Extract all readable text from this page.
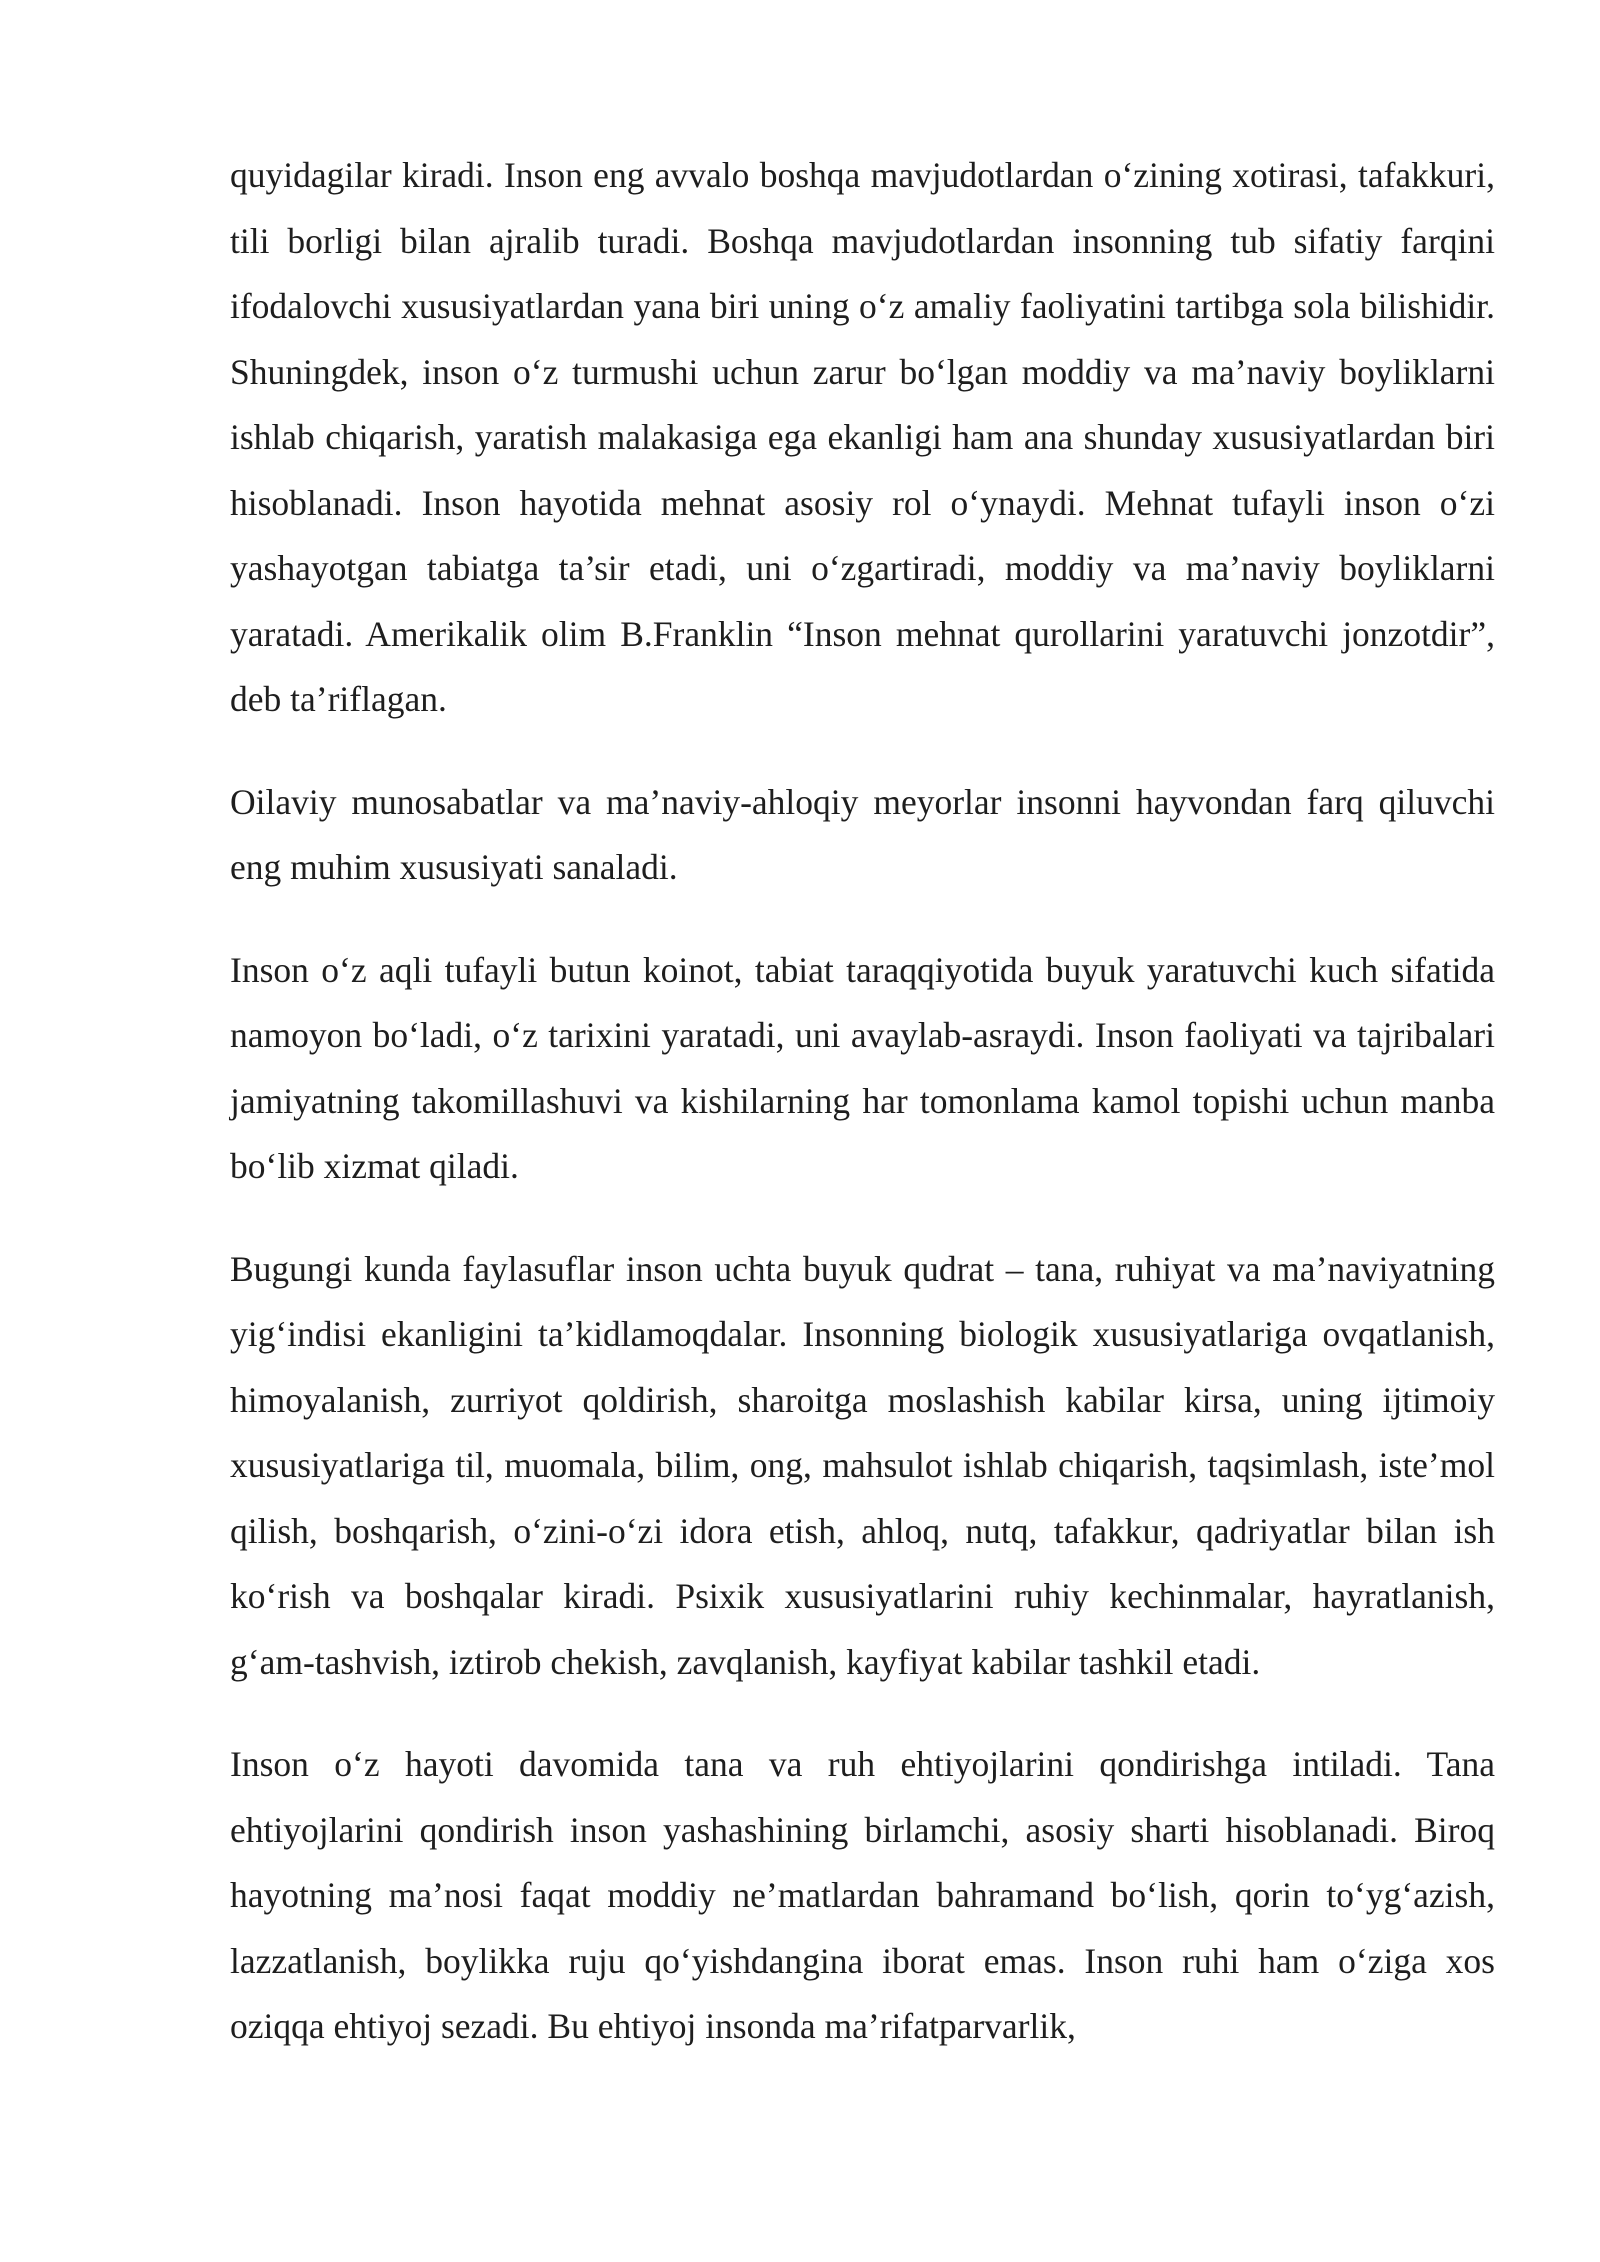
quyidagilar kiradi. Inson eng avvalo boshqa mavjudotlardan o‘zining xotirasi, tafakkuri, tili borligi bilan ajralib turadi. Boshqa mavjudotlardan insonning tub sifatiy farqini ifodalovchi xususiyatlardan yana biri uning o‘z amaliy faoliyatini tartibga sola bilishidir. Shuningdek, inson o‘z turmushi uchun zarur bo‘lgan moddiy va ma’naviy boyliklarni ishlab chiqarish, yaratish malakasiga ega ekanligi ham ana shunday xususiyatlardan biri hisoblanadi. Inson hayotida mehnat asosiy rol o‘ynaydi. Mehnat tufayli inson o‘zi yashayotgan tabiatga ta’sir etadi, uni o‘zgartiradi, moddiy va ma’naviy boyliklarni yaratadi. Amerikalik olim B.Franklin “Inson mehnat qurollarini yaratuvchi jonzotdir”, deb ta’riflagan.

Oilaviy munosabatlar va ma’naviy-ahloqiy meyorlar insonni hayvondan farq qiluvchi eng muhim xususiyati sanaladi.

Inson o‘z aqli tufayli butun koinot, tabiat taraqqiyotida buyuk yaratuvchi kuch sifatida namoyon bo‘ladi, o‘z tarixini yaratadi, uni avaylab-asraydi. Inson faoliyati va tajribalari jamiyatning takomillashuvi va kishilarning har tomonlama kamol topishi uchun manba bo‘lib xizmat qiladi.

Bugungi kunda faylasuflar inson uchta buyuk qudrat – tana, ruhiyat va ma’naviyatning yig‘indisi ekanligini ta’kidlamoqdalar. Insonning biologik xususiyatlariga ovqatlanish, himoyalanish, zurriyot qoldirish, sharoitga moslashish kabilar kirsa, uning ijtimoiy xususiyatlariga til, muomala, bilim, ong, mahsulot ishlab chiqarish, taqsimlash, iste’mol qilish, boshqarish, o‘zini-o‘zi idora etish, ahloq, nutq, tafakkur, qadriyatlar bilan ish ko‘rish va boshqalar kiradi. Psixik xususiyatlarini ruhiy kechinmalar, hayratlanish, g‘am-tashvish, iztirob chekish, zavqlanish, kayfiyat kabilar tashkil etadi.

Inson o‘z hayoti davomida tana va ruh ehtiyojlarini qondirishga intiladi. Tana ehtiyojlarini qondirish inson yashashining birlamchi, asosiy sharti hisoblanadi. Biroq hayotning ma’nosi faqat moddiy ne’matlardan bahramand bo‘lish, qorin to‘yg‘azish, lazzatlanish, boylikka ruju qo‘yishdangina iborat emas. Inson ruhi ham o‘ziga xos oziqqa ehtiyoj sezadi. Bu ehtiyoj insonda ma’rifatparvarlik,
